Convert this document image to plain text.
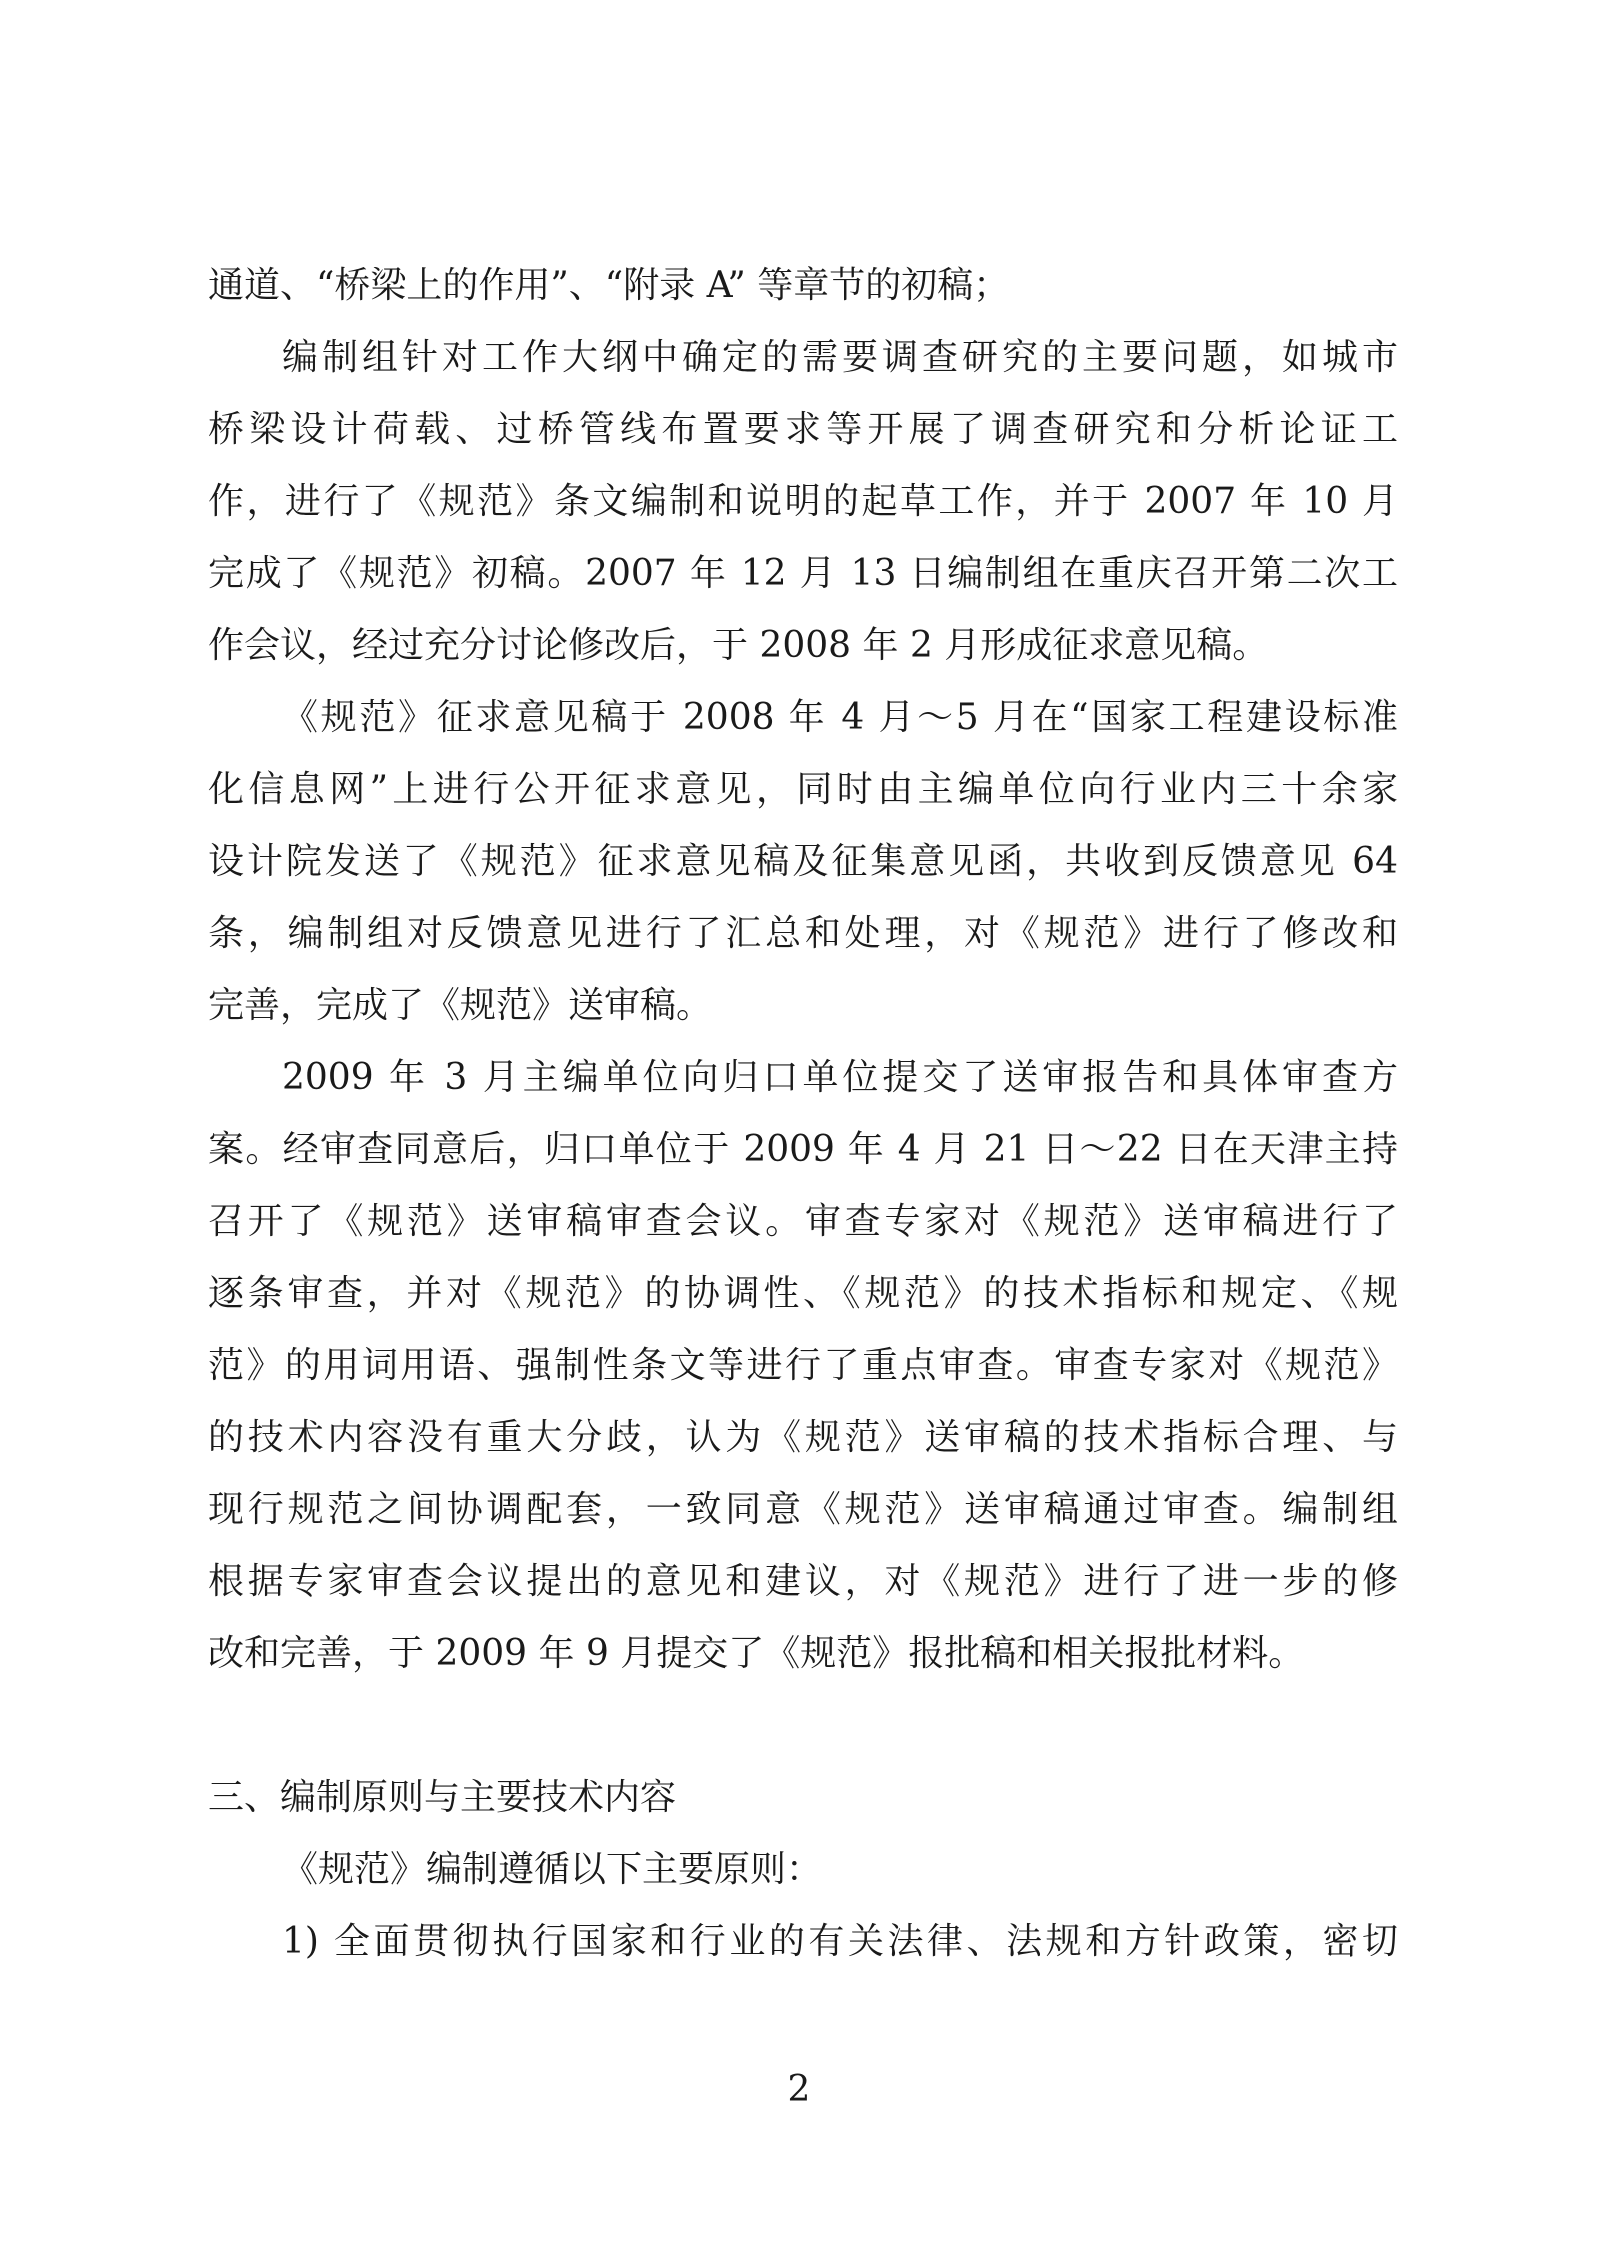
通道、“桥梁上的作用”、“附录 A” 等章节的初稿；
编制组针对工作大纲中确定的需要调查研究的主要问题，如城市
桥梁设计荷载、过桥管线布置要求等开展了调查研究和分析论证工
作，进行了《规范》条文编制和说明的起草工作，并于 2007 年 10 月
完成了《规范》初稿。2007 年 12 月 13 日编制组在重庆召开第二次工
作会议，经过充分讨论修改后，于 2008 年 2 月形成征求意见稿。
《规范》征求意见稿于 2008 年 4 月～5 月在“国家工程建设标准
化信息网”上进行公开征求意见，同时由主编单位向行业内三十余家
设计院发送了《规范》征求意见稿及征集意见函，共收到反馈意见 64
条，编制组对反馈意见进行了汇总和处理，对《规范》进行了修改和
完善，完成了《规范》送审稿。
2009 年 3 月主编单位向归口单位提交了送审报告和具体审查方
案。经审查同意后，归口单位于 2009 年 4 月 21 日～22 日在天津主持
召开了《规范》送审稿审查会议。审查专家对《规范》送审稿进行了
逐条审查，并对《规范》的协调性、《规范》的技术指标和规定、《规
范》的用词用语、强制性条文等进行了重点审查。审查专家对《规范》
的技术内容没有重大分歧，认为《规范》送审稿的技术指标合理、与
现行规范之间协调配套，一致同意《规范》送审稿通过审查。编制组
根据专家审查会议提出的意见和建议，对《规范》进行了进一步的修
改和完善，于 2009 年 9 月提交了《规范》报批稿和相关报批材料。
三、编制原则与主要技术内容
《规范》编制遵循以下主要原则：
1) 全面贯彻执行国家和行业的有关法律、法规和方针政策，密切
2
